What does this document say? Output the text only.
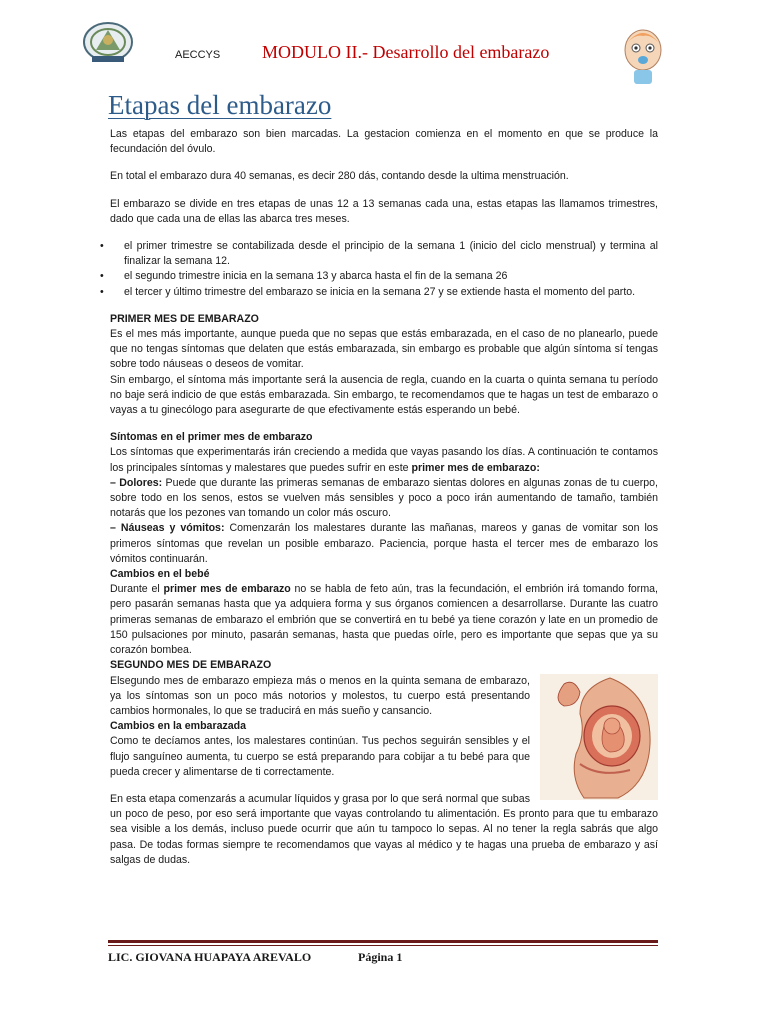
AECCYS MODULO II.- Desarrollo del embarazo
Etapas del embarazo

Las etapas del embarazo son bien marcadas. La gestacion comienza en el momento en que se produce la fecundación del óvulo.

En total el embarazo dura 40 semanas, es decir 280 dás, contando desde la ultima menstruación.

El embarazo se divide en tres etapas de unas 12 a 13 semanas cada una, estas etapas las llamamos trimestres, dado que cada una de ellas las abarca tres meses.

• el primer trimestre se contabilizada desde el principio de la semana 1 (inicio del ciclo menstrual) y termina al finalizar la semana 12.
• el segundo trimestre inicia en la semana 13 y abarca hasta el fin de la semana 26
• el tercer y último trimestre del embarazo se inicia en la semana 27 y se extiende hasta el momento del parto.

PRIMER MES DE EMBARAZO

Es el mes más importante, aunque pueda que no sepas que estás embarazada, en el caso de no planearlo, puede que no tengas síntomas que delaten que estás embarazada, sin embargo es probable que algún síntoma sí tengas sobre todo náuseas o deseos de vomitar.

Sin embargo, el síntoma más importante será la ausencia de regla, cuando en la cuarta o quinta semana tu período no baje será indicio de que estás embarazada. Sin embargo, te recomendamos que te hagas un test de embarazo o vayas a tu ginecólogo para asegurarte de que efectivamente estás esperando un bebé.

Síntomas en el primer mes de embarazo

Los síntomas que experimentarás irán creciendo a medida que vayas pasando los días. A continuación te contamos los principales síntomas y malestares que puedes sufrir en este primer mes de embarazo:

– Dolores: Puede que durante las primeras semanas de embarazo sientas dolores en algunas zonas de tu cuerpo, sobre todo en los senos, estos se vuelven más sensibles y poco a poco irán aumentando de tamaño, también notarás que los pezones van tomando un color más oscuro.

– Náuseas y vómitos: Comenzarán los malestares durante las mañanas, mareos y ganas de vomitar son los primeros síntomas que revelan un posible embarazo. Paciencia, porque hasta el tercer mes de embarazo los vómitos continuarán.

Cambios en el bebé

Durante el primer mes de embarazo no se habla de feto aún, tras la fecundación, el embrión irá tomando forma, pero pasarán semanas hasta que ya adquiera forma y sus órganos comiencen a desarrollarse. Durante las cuatro primeras semanas de embarazo el embrión que se convertirá en tu bebé ya tiene corazón y late en un promedio de 150 pulsaciones por minuto, pasarán semanas, hasta que puedas oírle, pero es importante que sepas que ya su corazón bombea.

SEGUNDO MES DE EMBARAZO

Elsegundo mes de embarazo empieza más o menos en la quinta semana de embarazo, ya los síntomas son un poco más notorios y molestos, tu cuerpo está presentando cambios hormonales, lo que se traducirá en más sueño y cansancio.

Cambios en la embarazada

Como te decíamos antes, los malestares continúan. Tus pechos seguirán sensibles y el flujo sanguíneo aumenta, tu cuerpo se está preparando para cobijar a tu bebé para que pueda crecer y alimentarse de ti correctamente.

En esta etapa comenzarás a acumular líquidos y grasa por lo que será normal que subas un poco de peso, por eso será importante que vayas controlando tu alimentación. Es pronto para que tu embarazo sea visible a los demás, incluso puede ocurrir que aún tu tampoco lo sepas. Al no tener la regla sabrás que algo pasa. De todas formas siempre te recomendamos que vayas al médico y te hagas una prueba de embarazo y así salgas de dudas.

LIC. GIOVANA HUAPAYA AREVALO	Página 1
